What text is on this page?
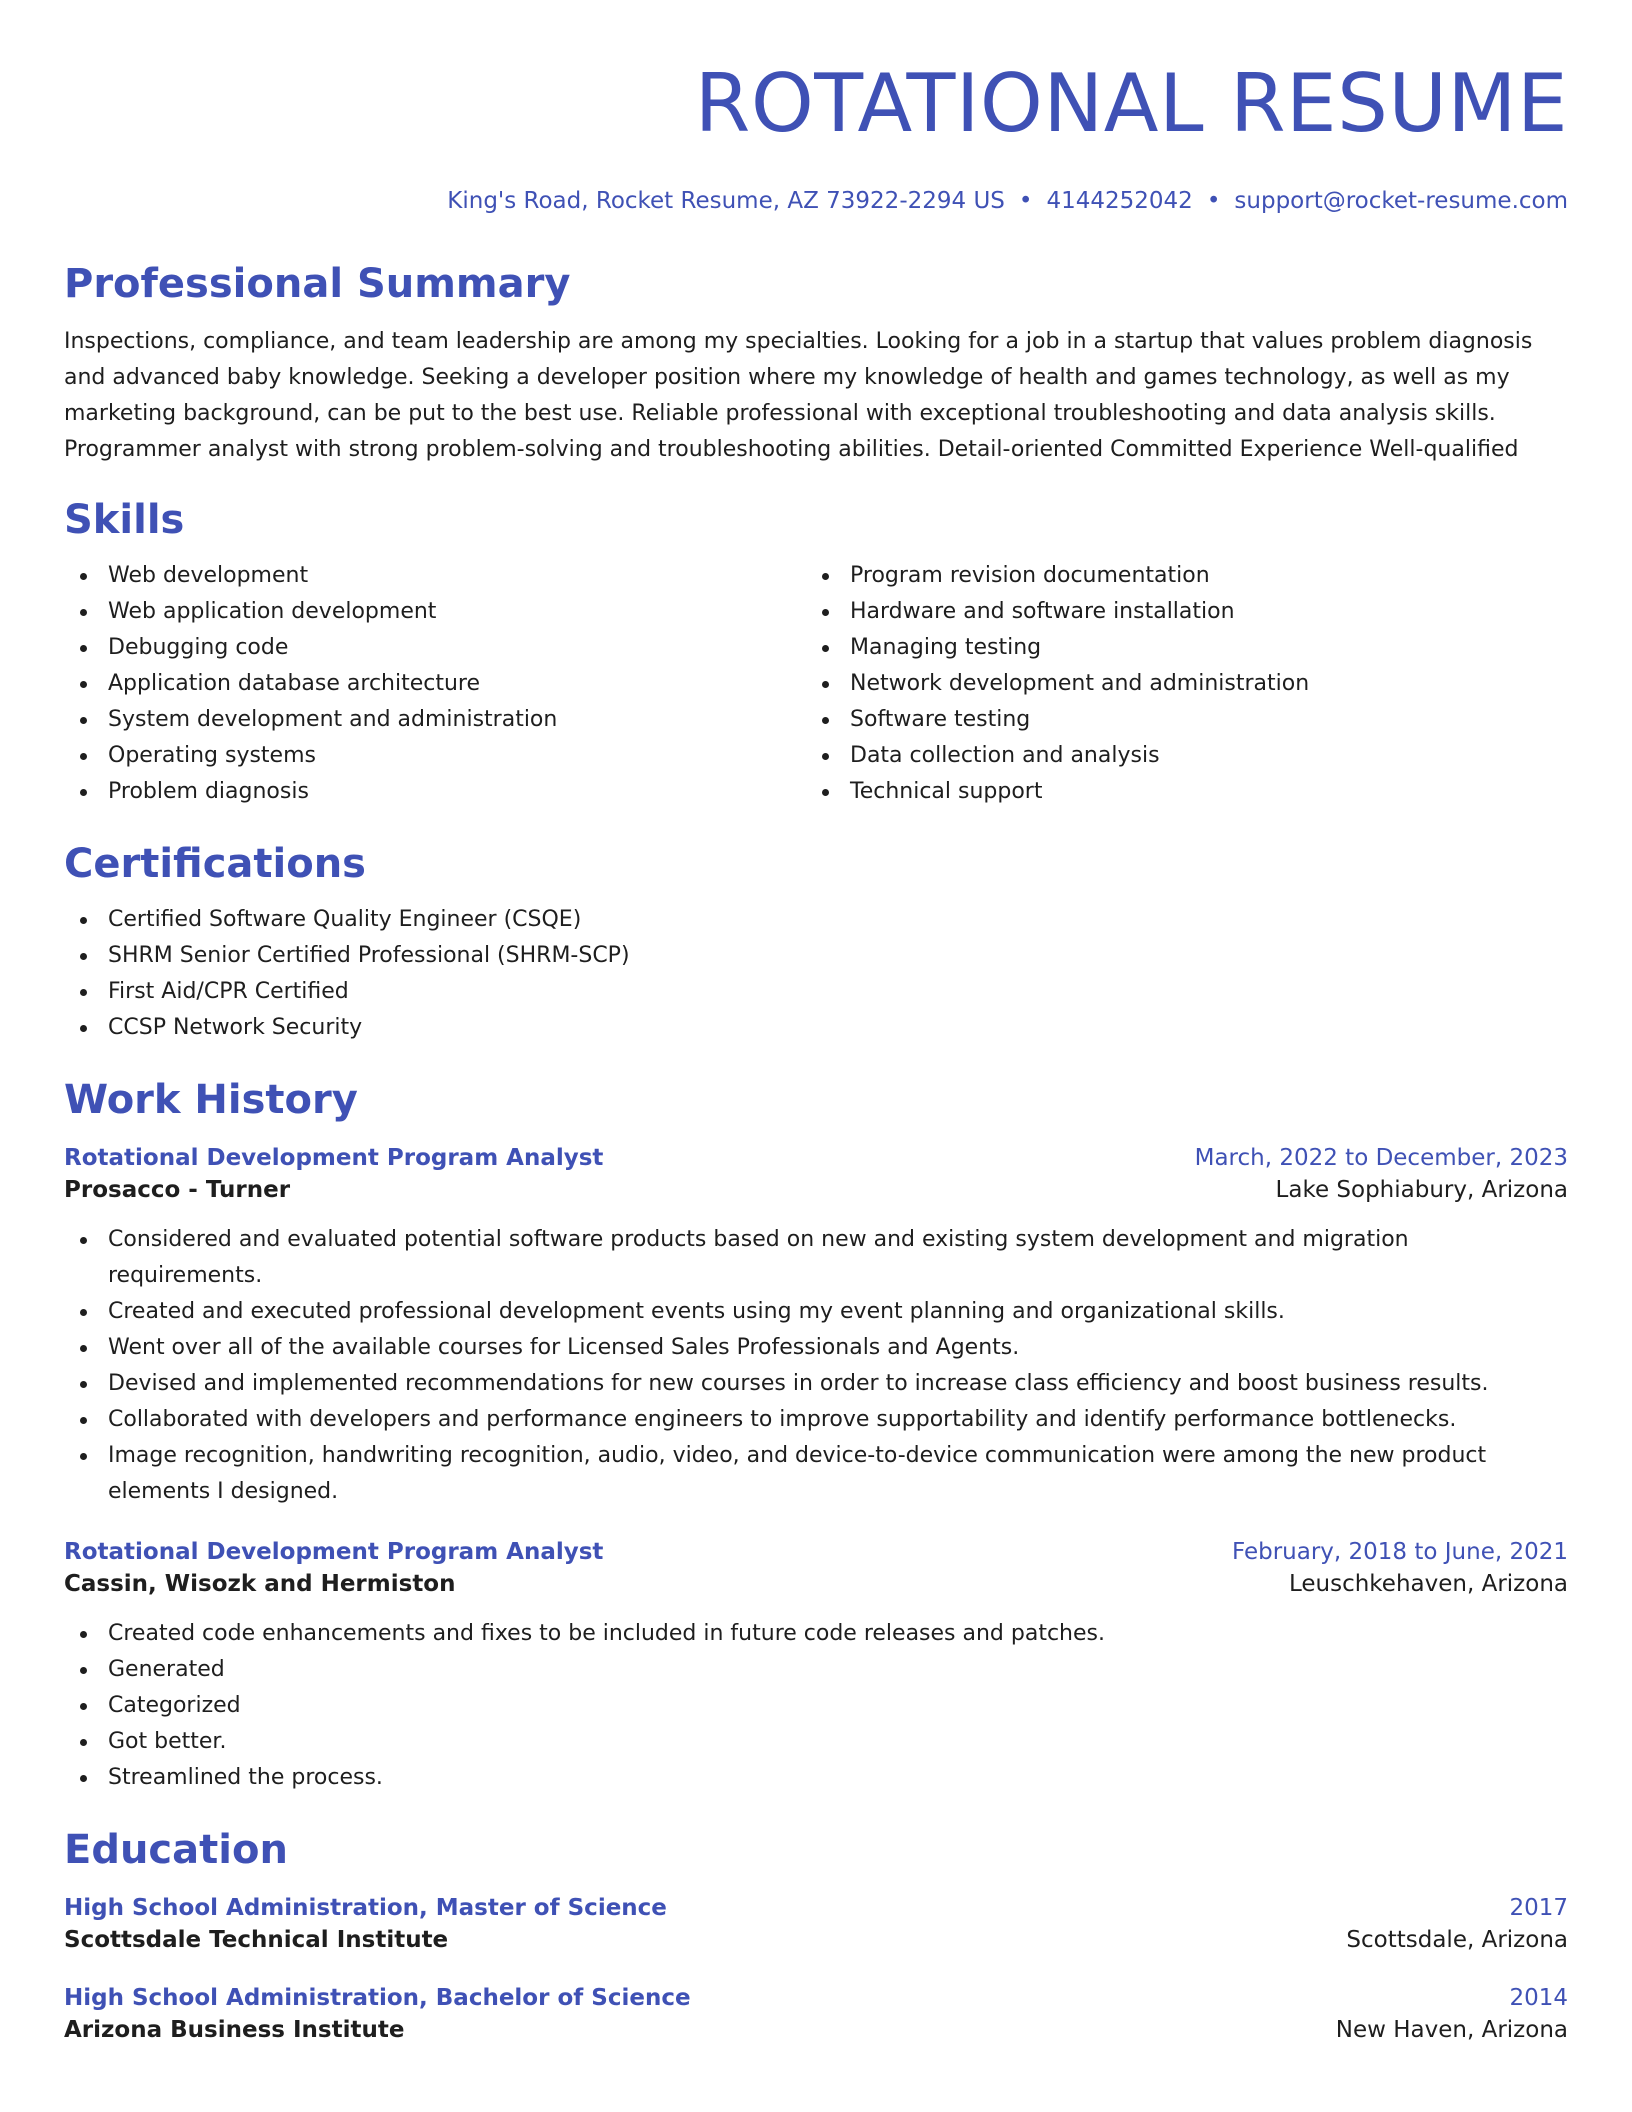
ROTATIONAL RESUME
King's Road, Rocket Resume, AZ 73922-2294 US • 4144252042 • support@rocket-resume.com
Professional Summary

Inspections, compliance, and team leadership are among my specialties. Looking for a job in a startup that values problem diagnosis and advanced baby knowledge. Seeking a developer position where my knowledge of health and games technology, as well as my marketing background, can be put to the best use. Reliable professional with exceptional troubleshooting and data analysis skills. Programmer analyst with strong problem-solving and troubleshooting abilities. Detail-oriented Committed Experience Well-qualified

Skills
Web development
Web application development
Debugging code
Application database architecture
System development and administration
Operating systems
Problem diagnosis
Program revision documentation
Hardware and software installation
Managing testing
Network development and administration
Software testing
Data collection and analysis
Technical support
Certifications
Certified Software Quality Engineer (CSQE)
SHRM Senior Certified Professional (SHRM-SCP)
First Aid/CPR Certified
CCSP Network Security
Work History
Rotational Development Program Analyst	March, 2022 to December, 2023
Prosacco - Turner	Lake Sophiabury, Arizona
Considered and evaluated potential software products based on new and existing system development and migration requirements.
Created and executed professional development events using my event planning and organizational skills.
Went over all of the available courses for Licensed Sales Professionals and Agents.
Devised and implemented recommendations for new courses in order to increase class efficiency and boost business results.
Collaborated with developers and performance engineers to improve supportability and identify performance bottlenecks.
Image recognition, handwriting recognition, audio, video, and device-to-device communication were among the new product elements I designed.
Rotational Development Program Analyst	February, 2018 to June, 2021
Cassin, Wisozk and Hermiston	Leuschkehaven, Arizona
Created code enhancements and fixes to be included in future code releases and patches.
Generated
Categorized
Got better.
Streamlined the process.
Education
High School Administration, Master of Science	2017
Scottsdale Technical Institute	Scottsdale, Arizona
High School Administration, Bachelor of Science	2014
Arizona Business Institute	New Haven, Arizona
